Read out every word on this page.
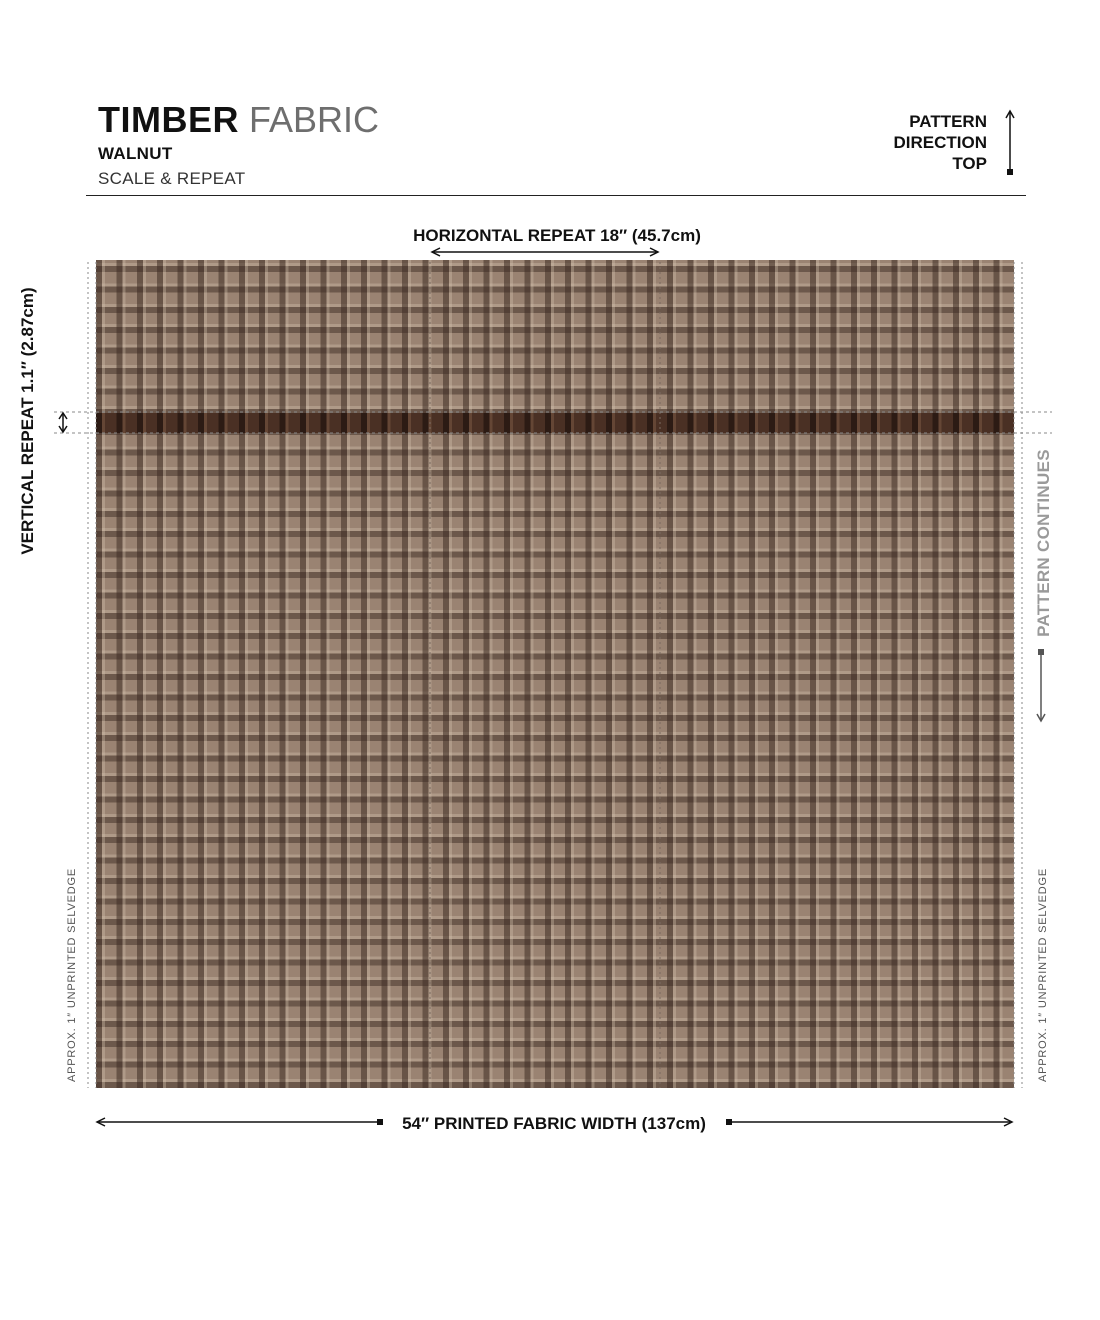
TIMBER FABRIC
WALNUT
SCALE & REPEAT
PATTERN
DIRECTION
TOP
HORIZONTAL REPEAT 18″ (45.7cm)
VERTICAL REPEAT 1.1″ (2.87cm)	PATTERN CONTINUES
APPROX. 1″ UNPRINTED SELVEDGE	APPROX. 1″ UNPRINTED SELVEDGE
54″ PRINTED FABRIC WIDTH (137cm)
